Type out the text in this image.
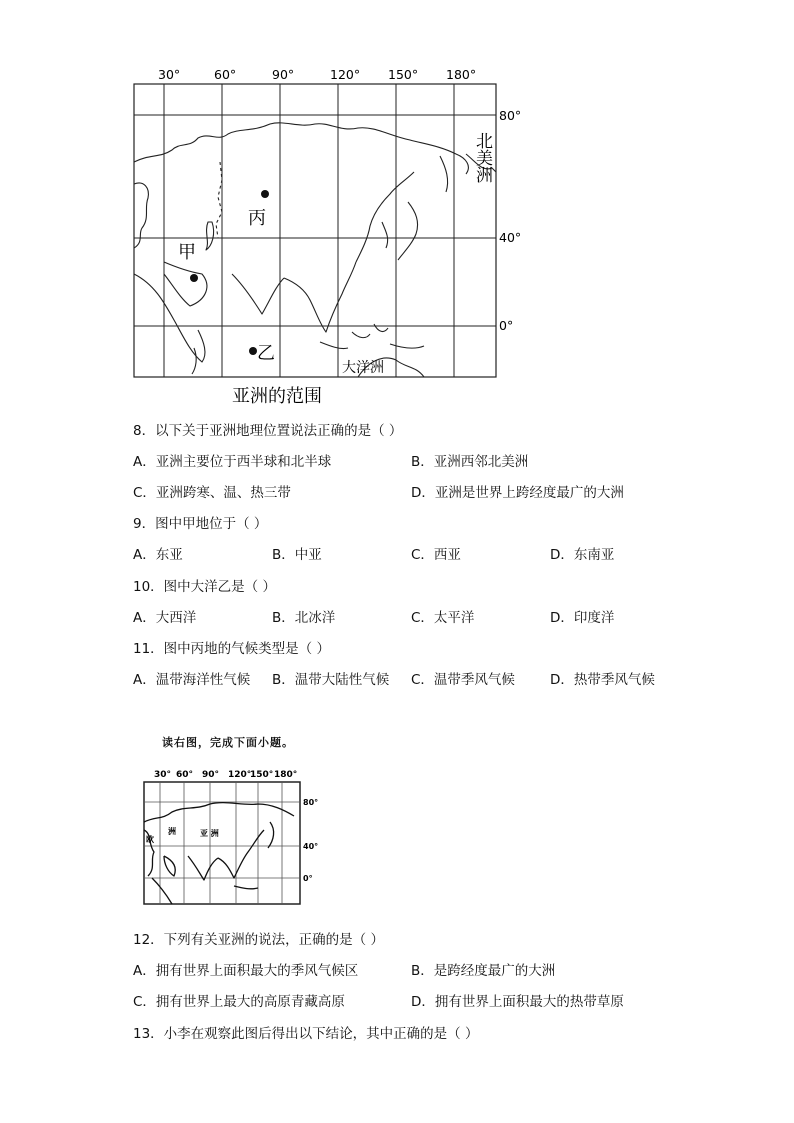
30°	60°	90°	120° 150° 180°
80°
40°
0°
北美洲
丙
甲
乙
大洋洲
亚洲的范围
8．以下关于亚洲地理位置说法正确的是（ ）
A．亚洲主要位于西半球和北半球	B．亚洲西邻北美洲
C．亚洲跨寒、温、热三带	D．亚洲是世界上跨经度最广的大洲
9．图中甲地位于（ ）
A．东亚	B．中亚	C．西亚	D．东南亚
10．图中大洋乙是（ ）
A．大西洋	B．北冰洋	C．太平洋	D．印度洋
11．图中丙地的气候类型是（ ）
A．温带海洋性气候 B．温带大陆性气候 C．温带季风气候	D．热带季风气候
读右图，完成下面小题。
30° 60° 90° 120°
150° 180°
80°
40°
0°
欧
洲	亚 洲
12．下列有关亚洲的说法，正确的是（ ）
A．拥有世界上面积最大的季风气候区	B．是跨经度最广的大洲
C．拥有世界上最大的高原青藏高原	D．拥有世界上面积最大的热带草原
13．小李在观察此图后得出以下结论，其中正确的是（ ）
